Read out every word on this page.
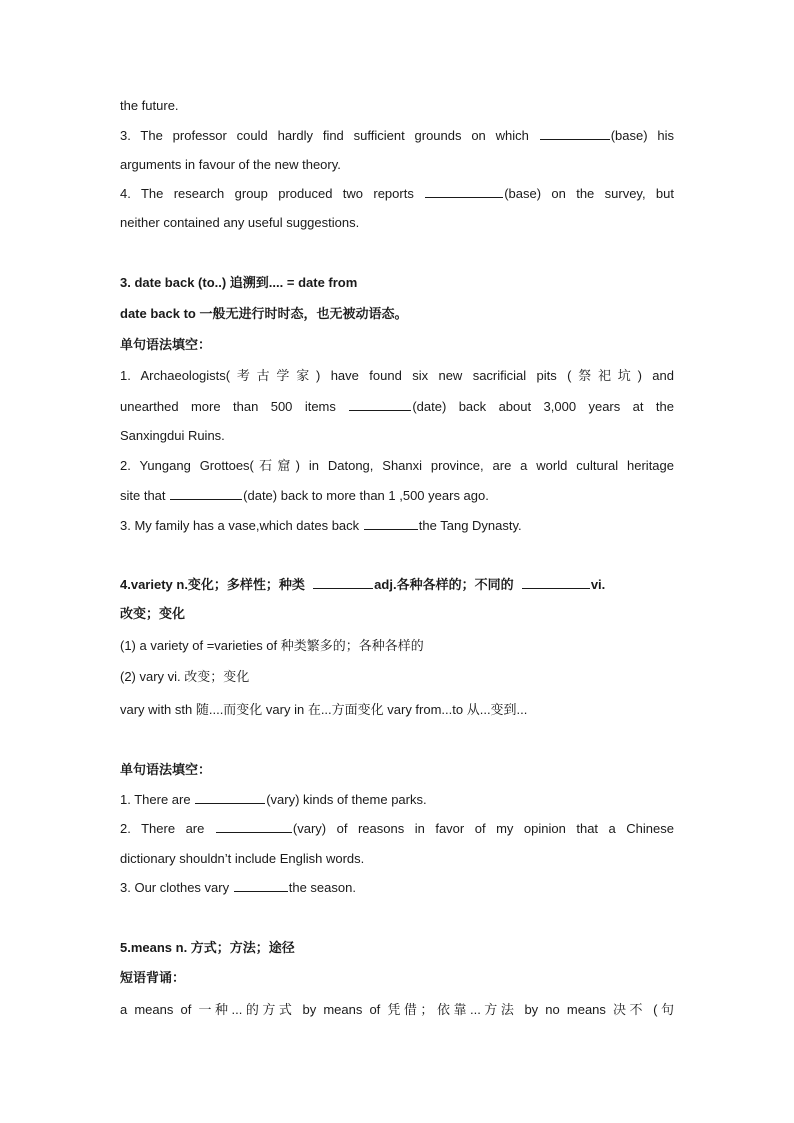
the future.
3. The professor could hardly find sufficient grounds on which	(base) his
arguments in favour of the new theory.
4. The research group produced two reports	(base) on the survey, but
neither contained any useful suggestions.
3. date back (to..) 追溯到.... = date from
date back to 一般无进行时时态，也无被动语态。
单句语法填空：
1. Archaeologists(考古学家) have found six new sacrificial pits (祭祀坑) and
unearthed more than 500 items	(date) back about 3,000 years at the
Sanxingdui Ruins.
2. Yungang Grottoes(石窟) in Datong, Shanxi province, are a world cultural heritage
site that	(date) back to more than 1 ,500 years ago.
3. My family has a vase,which dates back	the Tang Dynasty.
4.variety n.变化；多样性；种类	adj.各种各样的；不同的	vi.
改变；变化
(1) a variety of =varieties of 种类繁多的；各种各样的
(2) vary vi. 改变；变化
vary with sth 随....而变化 vary in 在...方面变化 vary from...to 从...变到...
单句语法填空：
1. There are	(vary) kinds of theme parks.
2. There are	(vary) of reasons in favor of my opinion that a Chinese
dictionary shouldn’t include English words.
3. Our clothes vary	the season.
5.means n. 方式；方法；途径
短语背诵：
a means of 一种...的方式 by means of 凭借；依靠...方法 by no means 决不 (句
